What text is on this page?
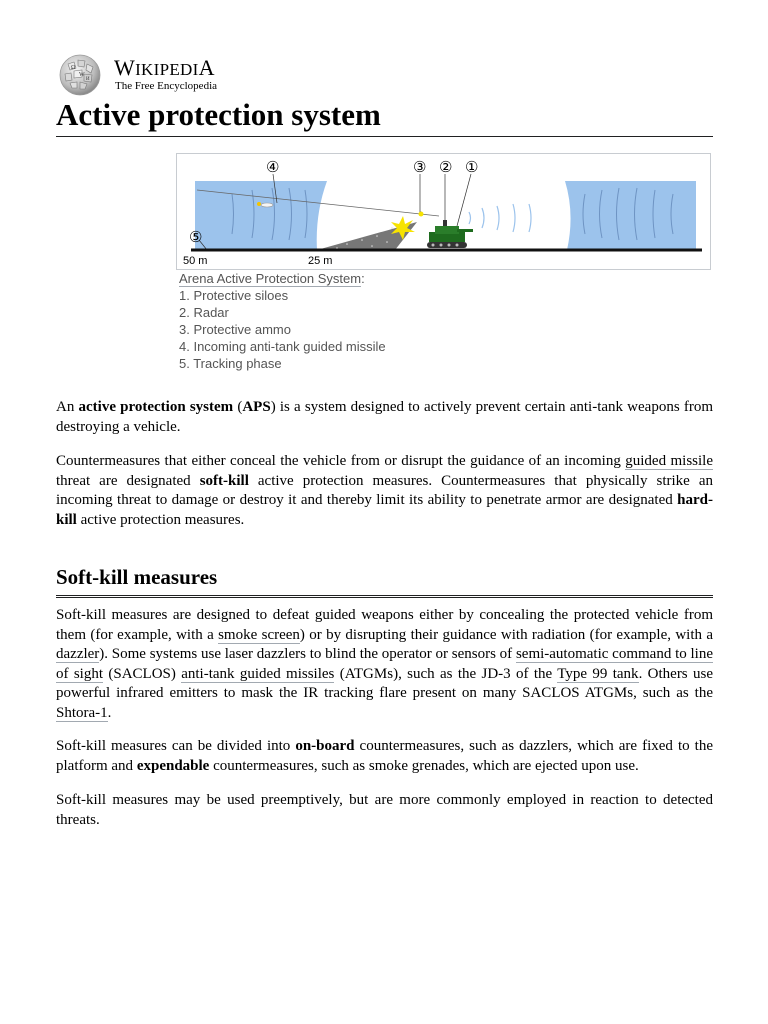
Ω
W
И WIKIPEDIA
The Free Encyclopedia
Active protection system
④	③ ② ①
⑤
50 m	25 m
Arena Active Protection System:
1. Protective siloes
2. Radar
3. Protective ammo
4. Incoming anti-tank guided missile
5. Tracking phase

An active protection system (APS) is a system designed to actively prevent certain anti-tank weapons from destroying a vehicle.

Countermeasures that either conceal the vehicle from or disrupt the guidance of an incoming guided missile threat are designated soft-kill active protection measures. Countermeasures that physically strike an incoming threat to damage or destroy it and thereby limit its ability to penetrate armor are designated hard-kill active protection measures.

Soft-kill measures

Soft-kill measures are designed to defeat guided weapons either by concealing the protected vehicle from them (for example, with a smoke screen) or by disrupting their guidance with radiation (for example, with a dazzler). Some systems use laser dazzlers to blind the operator or sensors of semi-automatic command to line of sight (SACLOS) anti-tank guided missiles (ATGMs), such as the JD-3 of the Type 99 tank. Others use powerful infrared emitters to mask the IR tracking flare present on many SACLOS ATGMs, such as the Shtora-1.

Soft-kill measures can be divided into on-board countermeasures, such as dazzlers, which are fixed to the platform and expendable countermeasures, such as smoke grenades, which are ejected upon use.

Soft-kill measures may be used preemptively, but are more commonly employed in reaction to detected threats.
